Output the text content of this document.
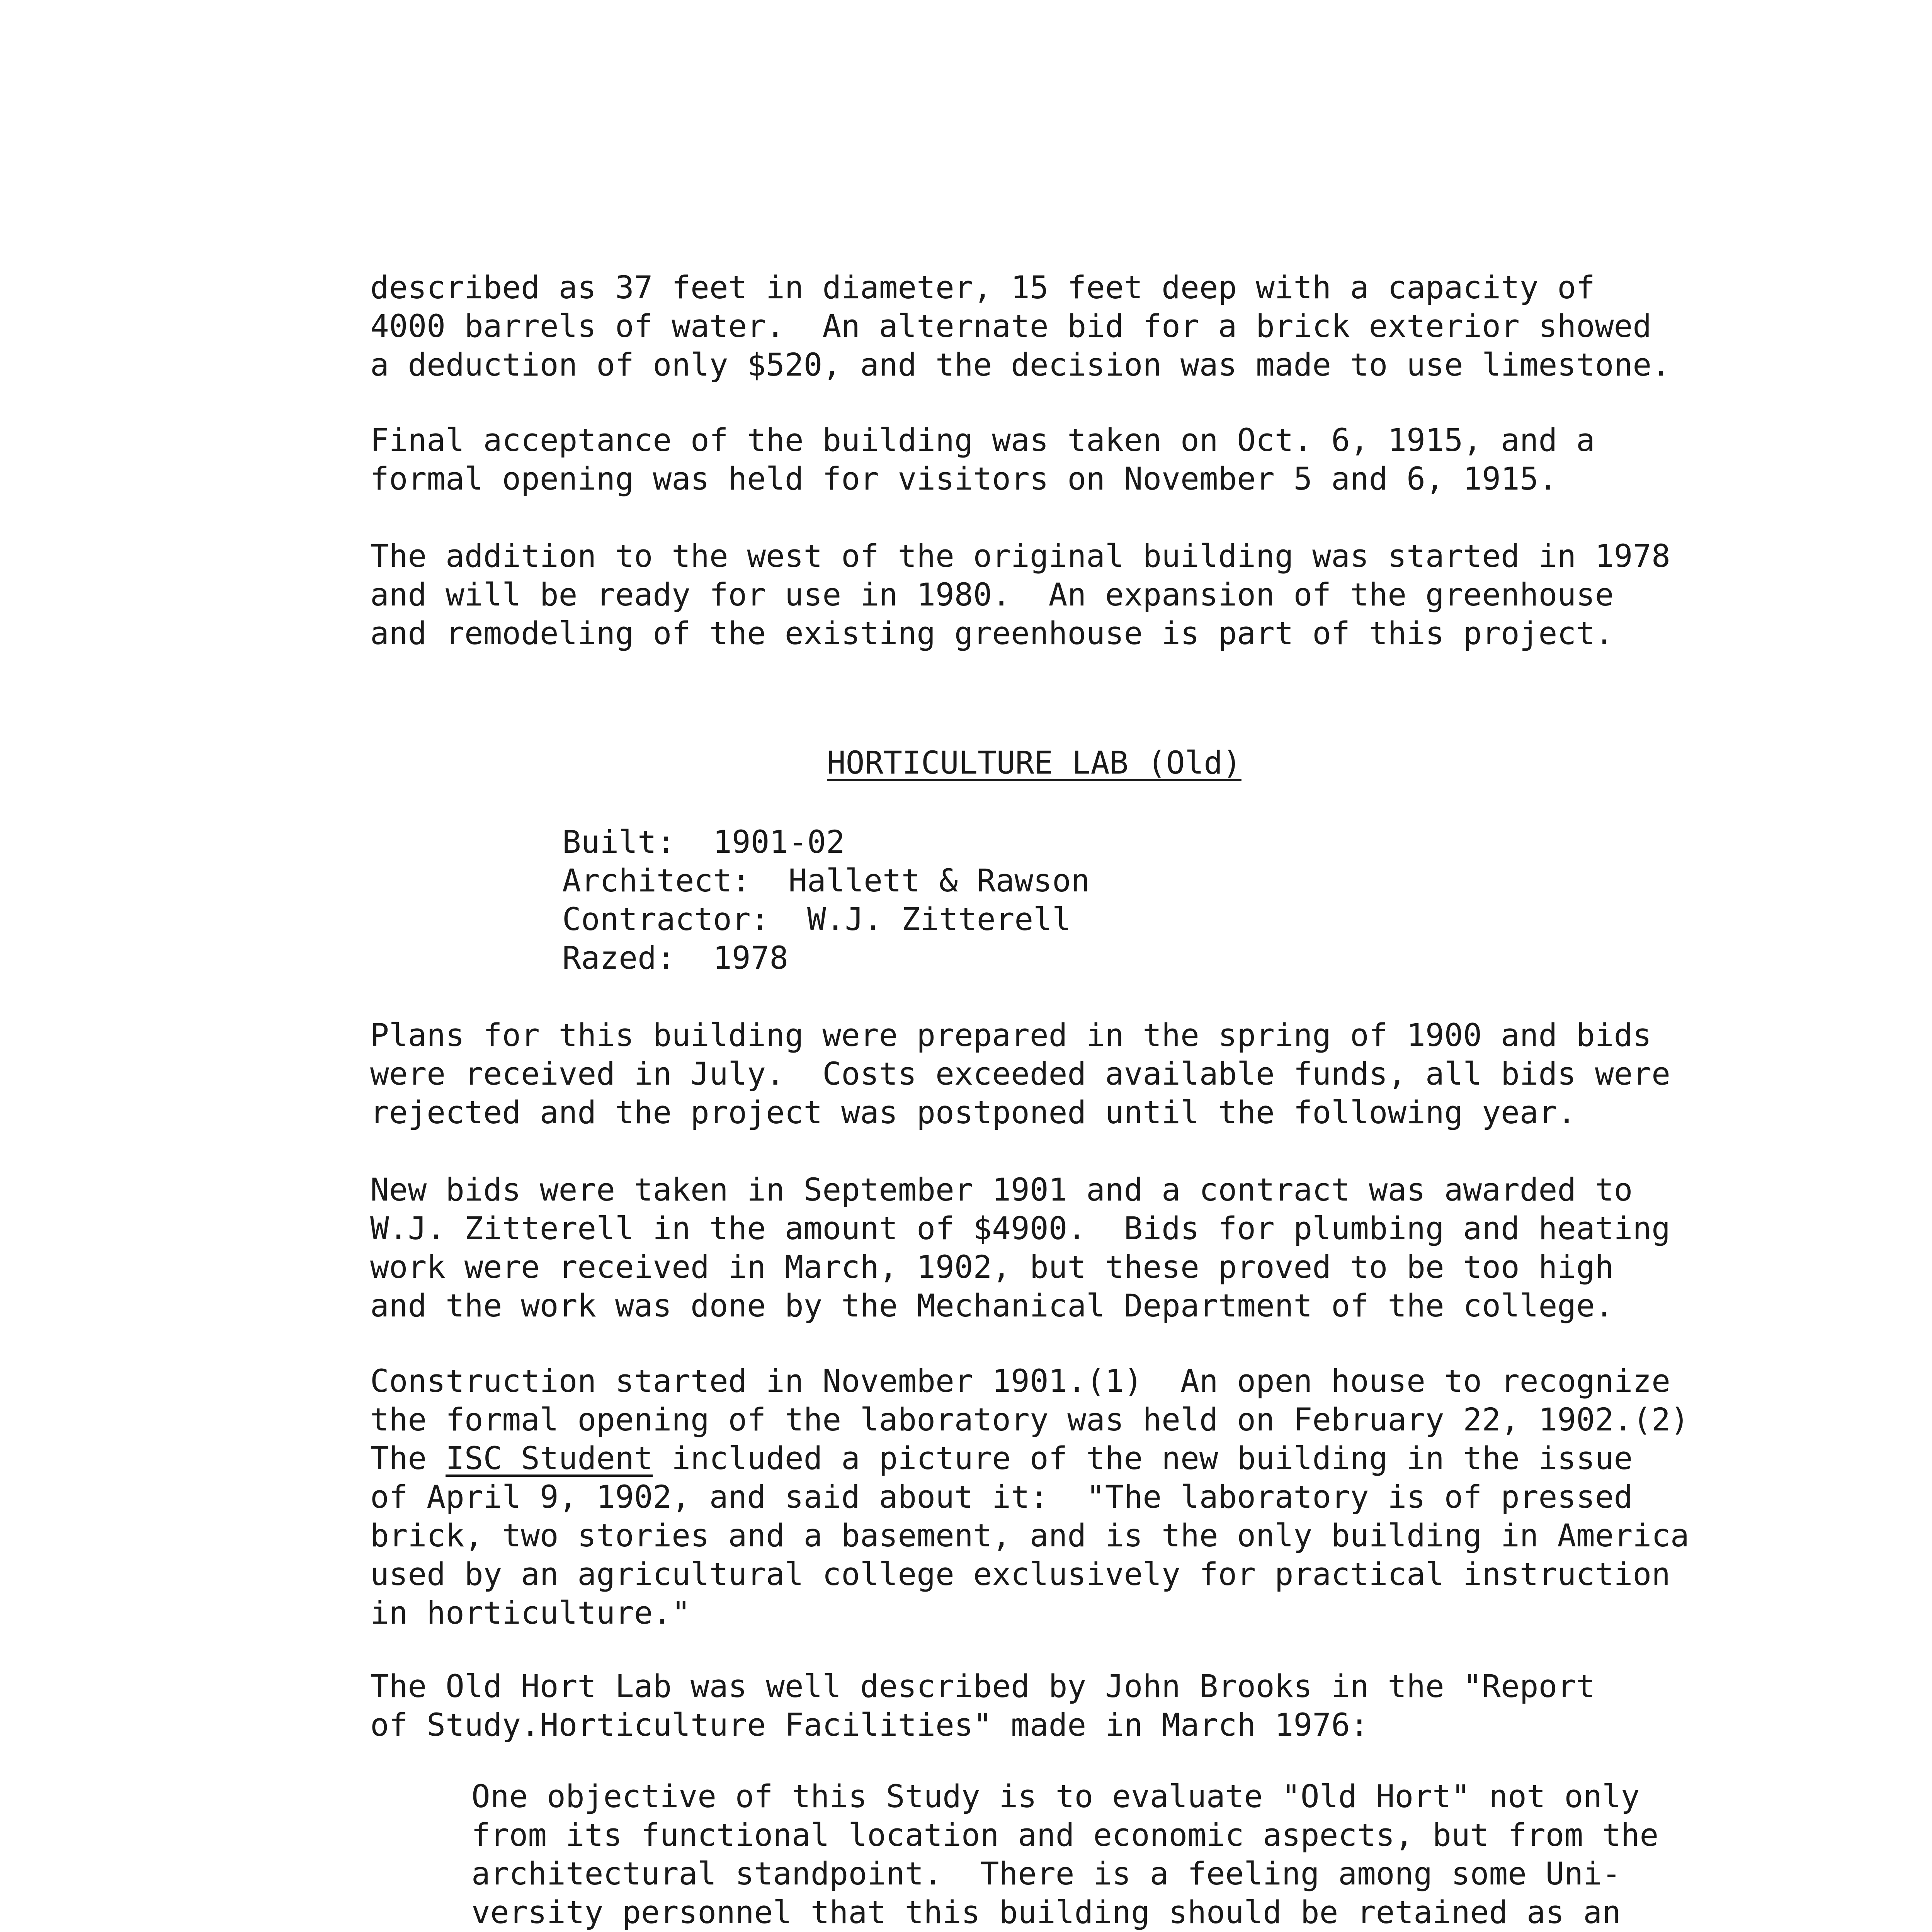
described as 37 feet in diameter, 15 feet deep with a capacity of
4000 barrels of water.  An alternate bid for a brick exterior showed
a deduction of only $520, and the decision was made to use limestone.
Final acceptance of the building was taken on Oct. 6, 1915, and a
formal opening was held for visitors on November 5 and 6, 1915.
The addition to the west of the original building was started in 1978
and will be ready for use in 1980.  An expansion of the greenhouse
and remodeling of the existing greenhouse is part of this project.
HORTICULTURE LAB (Old)
Built: 1901-02
Architect: Hallett & Rawson
Contractor: W.J. Zitterell
Razed: 1978
Plans for this building were prepared in the spring of 1900 and bids
were received in July.  Costs exceeded available funds, all bids were
rejected and the project was postponed until the following year.
New bids were taken in September 1901 and a contract was awarded to
W.J. Zitterell in the amount of $4900.  Bids for plumbing and heating
work were received in March, 1902, but these proved to be too high
and the work was done by the Mechanical Department of the college.
Construction started in November 1901.(1)  An open house to recognize
the formal opening of the laboratory was held on February 22, 1902.(2)
The ISC Student included a picture of the new building in the issue
of April 9, 1902, and said about it:  "The laboratory is of pressed
brick, two stories and a basement, and is the only building in America
used by an agricultural college exclusively for practical instruction
in horticulture."
The Old Hort Lab was well described by John Brooks in the "Report
of Study.Horticulture Facilities" made in March 1976:
One objective of this Study is to evaluate "Old Hort" not only
from its functional location and economic aspects, but from the
architectural standpoint.  There is a feeling among some Uni-
versity personnel that this building should be retained as an
